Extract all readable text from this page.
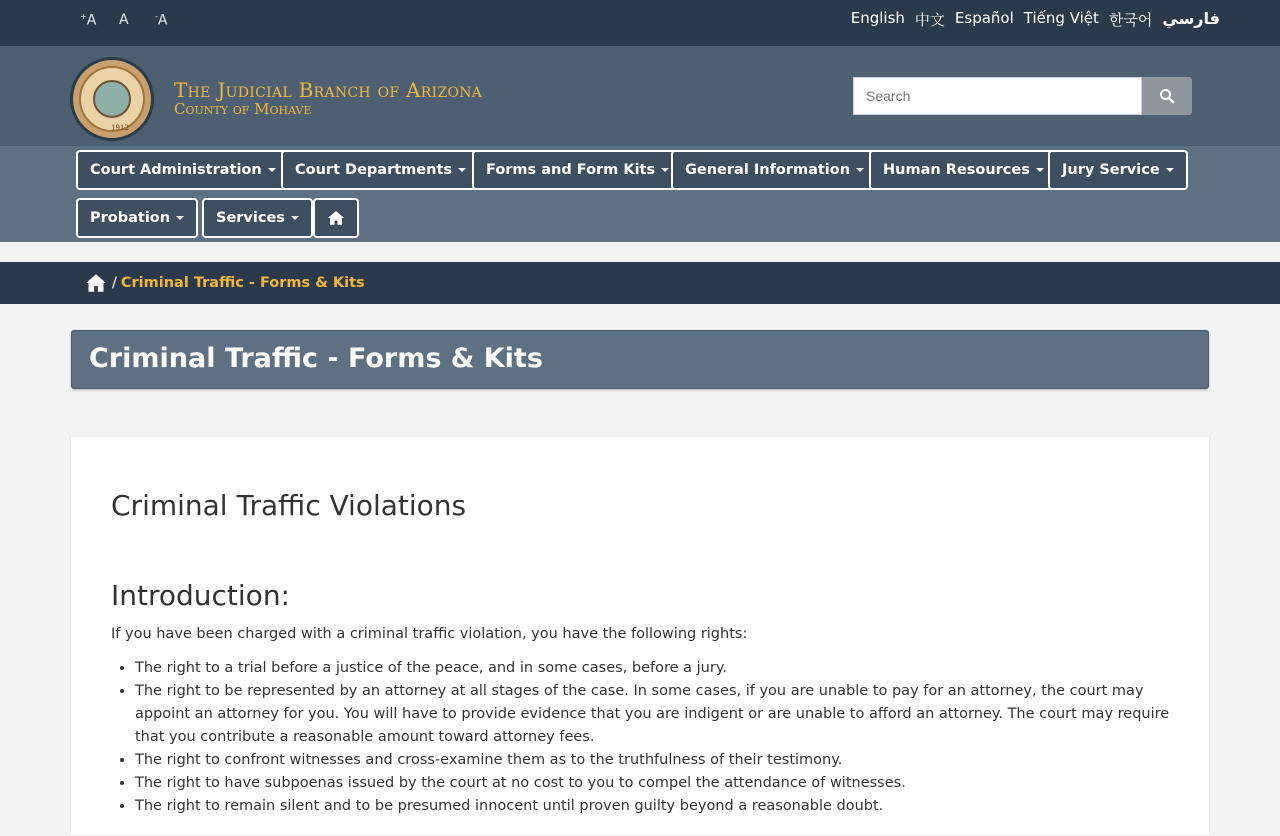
+A A	-A	English 中文 Español Tiếng Việt 한국어 فارسي
1912
The Judicial Branch of Arizona
County of Mohave
Search
Court Administration Court Departments Forms and Form Kits General Information Human Resources Jury Service
Probation	Services
/ Criminal Traffic - Forms & Kits
Criminal Traffic - Forms & Kits
Criminal Traffic Violations
Introduction:

If you have been charged with a criminal traffic violation, you have the following rights:

• The right to a trial before a justice of the peace, and in some cases, before a jury.
• The right to be represented by an attorney at all stages of the case. In some cases, if you are unable to pay for an attorney, the court may appoint an attorney for you. You will have to provide evidence that you are indigent or are unable to afford an attorney. The court may require that you contribute a reasonable amount toward attorney fees.
• The right to confront witnesses and cross-examine them as to the truthfulness of their testimony.
• The right to have subpoenas issued by the court at no cost to you to compel the attendance of witnesses.
• The right to remain silent and to be presumed innocent until proven guilty beyond a reasonable doubt.
